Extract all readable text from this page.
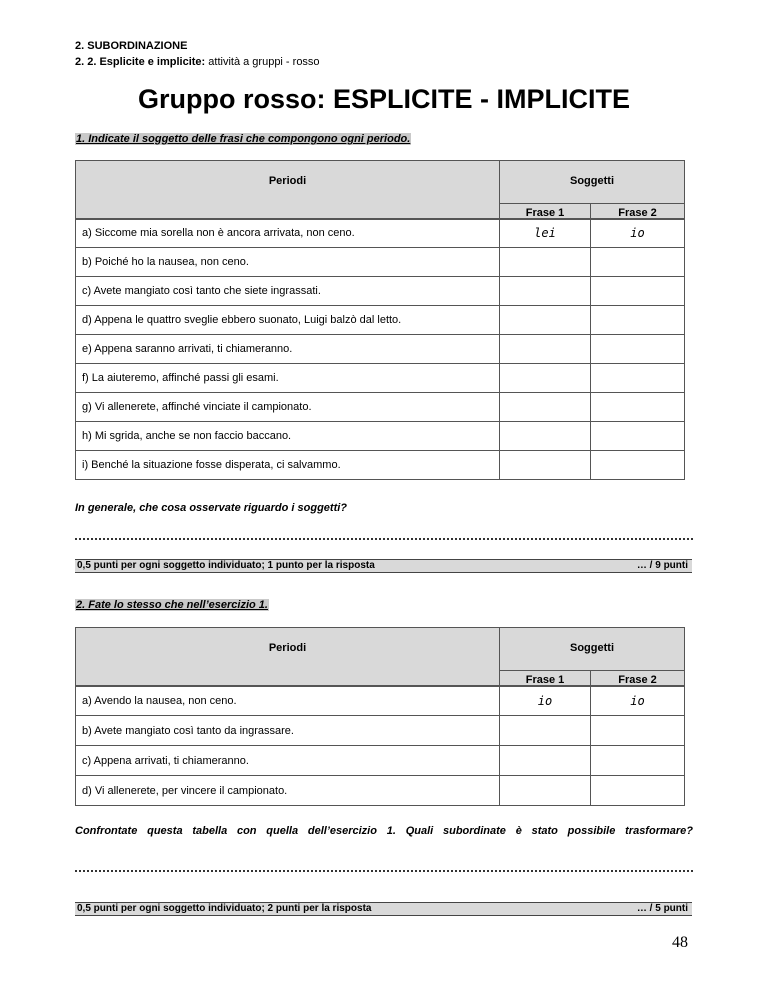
2. SUBORDINAZIONE
2. 2. Esplicite e implicite: attività a gruppi - rosso
Gruppo rosso: ESPLICITE - IMPLICITE
1. Indicate il soggetto delle frasi che compongono ogni periodo.
Periodi	Soggetti	
	Frase 1	Frase 2

a) Siccome mia sorella non è ancora arrivata, non ceno.	lei	io
b) Poiché ho la nausea, non ceno.		
c) Avete mangiato così tanto che siete ingrassati.		
d) Appena le quattro sveglie ebbero suonato, Luigi balzò dal letto.		
e) Appena saranno arrivati, ti chiameranno.		
f) La aiuteremo, affinché passi gli esami.		
g) Vi allenerete, affinché vinciate il campionato.		
h) Mi sgrida, anche se non faccio baccano.		
i) Benché la situazione fosse disperata, ci salvammo.		
In generale, che cosa osservate riguardo i soggetti?
0,5 punti per ogni soggetto individuato; 1 punto per la risposta	… / 9 punti
2. Fate lo stesso che nell’esercizio 1.
Periodi	Soggetti	
	Frase 1	Frase 2
a) Avendo la nausea, non ceno.	io	io
b) Avete mangiato così tanto da ingrassare.		
c) Appena arrivati, ti chiameranno.		
d) Vi allenerete, per vincere il campionato.		
Confrontate questa tabella con quella dell’esercizio 1. Quali subordinate è stato possibile trasformare?
0,5 punti per ogni soggetto individuato; 2 punti per la risposta	… / 5 punti
48
